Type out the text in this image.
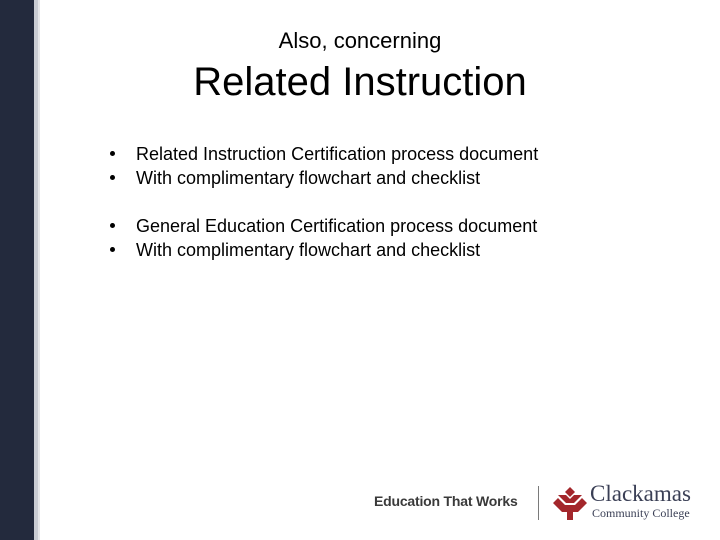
Also, concerning
Related Instruction
Related Instruction Certification process document
With complimentary flowchart and checklist
General Education Certification process document
With complimentary flowchart and checklist
Education That Works	Clackamas
Community College
